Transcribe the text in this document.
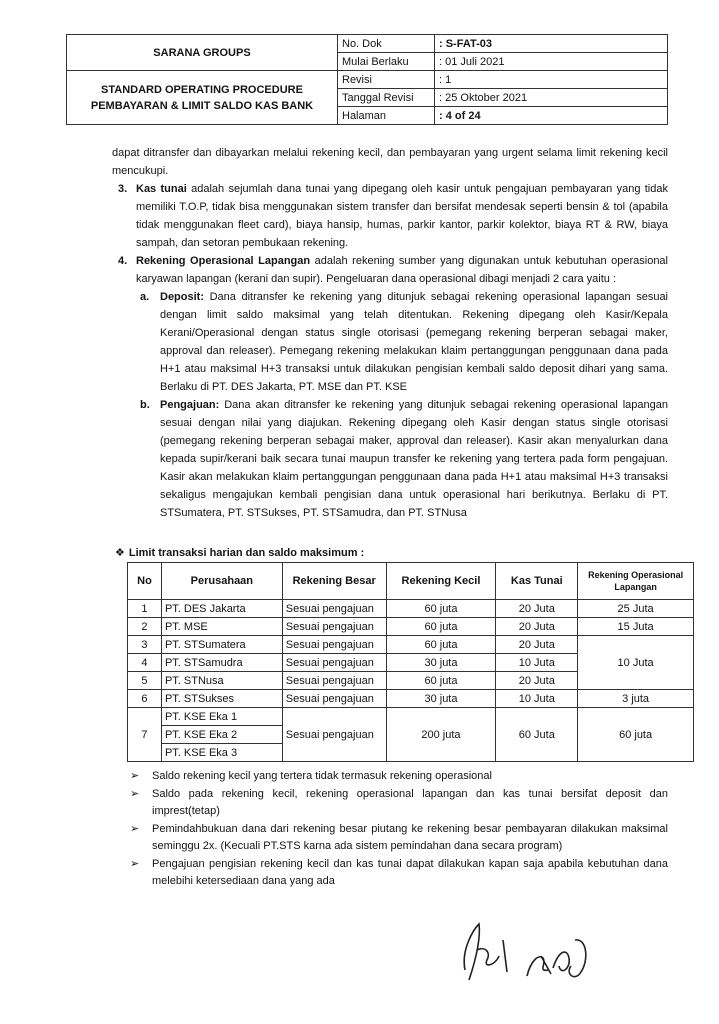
SARANA GROUPS	No. Dok	: S-FAT-03
	Mulai Berlaku	: 01 Juli 2021

STANDARD OPERATING PROCEDURE
PEMBAYARAN & LIMIT SALDO KAS BANK	Revisi	: 1
	Tanggal Revisi	: 25 Oktober 2021
	Halaman	: 4 of 24

dapat ditransfer dan dibayarkan melalui rekening kecil, dan pembayaran yang urgent selama limit rekening kecil mencukupi.

3. Kas tunai adalah sejumlah dana tunai yang dipegang oleh kasir untuk pengajuan pembayaran yang tidak memiliki T.O.P, tidak bisa menggunakan sistem transfer dan bersifat mendesak seperti bensin & tol (apabila tidak menggunakan fleet card), biaya hansip, humas, parkir kantor, parkir kolektor, biaya RT & RW, biaya sampah, dan setoran pembukaan rekening.

4. Rekening Operasional Lapangan adalah rekening sumber yang digunakan untuk kebutuhan operasional karyawan lapangan (kerani dan supir). Pengeluaran dana operasional dibagi menjadi 2 cara yaitu :

a. Deposit: Dana ditransfer ke rekening yang ditunjuk sebagai rekening operasional lapangan sesuai dengan limit saldo maksimal yang telah ditentukan. Rekening dipegang oleh Kasir/Kepala Kerani/Operasional dengan status single otorisasi (pemegang rekening berperan sebagai maker, approval dan releaser). Pemegang rekening melakukan klaim pertanggungan penggunaan dana pada H+1 atau maksimal H+3 transaksi untuk dilakukan pengisian kembali saldo deposit dihari yang sama. Berlaku di PT. DES Jakarta, PT. MSE dan PT. KSE

b. Pengajuan: Dana akan ditransfer ke rekening yang ditunjuk sebagai rekening operasional lapangan sesuai dengan nilai yang diajukan. Rekening dipegang oleh Kasir dengan status single otorisasi (pemegang rekening berperan sebagai maker, approval dan releaser). Kasir akan menyalurkan dana kepada supir/kerani baik secara tunai maupun transfer ke rekening yang tertera pada form pengajuan. Kasir akan melakukan klaim pertanggungan penggunaan dana pada H+1 atau maksimal H+3 transaksi sekaligus mengajukan kembali pengisian dana untuk operasional hari berikutnya. Berlaku di PT. STSumatera, PT. STSukses, PT. STSamudra, dan PT. STNusa

❖ Limit transaksi harian dan saldo maksimum :
No	Perusahaan	Rekening Besar	Rekening Kecil	Kas Tunai	Rekening Operasional Lapangan
1	PT. DES Jakarta	Sesuai pengajuan	60 juta	20 Juta	25 Juta
2	PT. MSE	Sesuai pengajuan	60 juta	20 Juta	15 Juta
3	PT. STSumatera	Sesuai pengajuan	60 juta	20 Juta	10 Juta
4	PT. STSamudra	Sesuai pengajuan	30 juta	10 Juta	
5	PT. STNusa	Sesuai pengajuan	60 juta	20 Juta	
6	PT. STSukses	Sesuai pengajuan	30 juta	10 Juta	3 juta
7	PT. KSE Eka 1	Sesuai pengajuan	200 juta	60 Juta	60 juta
	PT. KSE Eka 2				
	PT. KSE Eka 3				

➢ Saldo rekening kecil yang tertera tidak termasuk rekening operasional

➢ Saldo pada rekening kecil, rekening operasional lapangan dan kas tunai bersifat deposit dan imprest(tetap)

➢ Pemindahbukuan dana dari rekening besar piutang ke rekening besar pembayaran dilakukan maksimal seminggu 2x. (Kecuali PT.STS karna ada sistem pemindahan dana secara program)

➢ Pengajuan pengisian rekening kecil dan kas tunai dapat dilakukan kapan saja apabila kebutuhan dana melebihi ketersediaan dana yang ada
